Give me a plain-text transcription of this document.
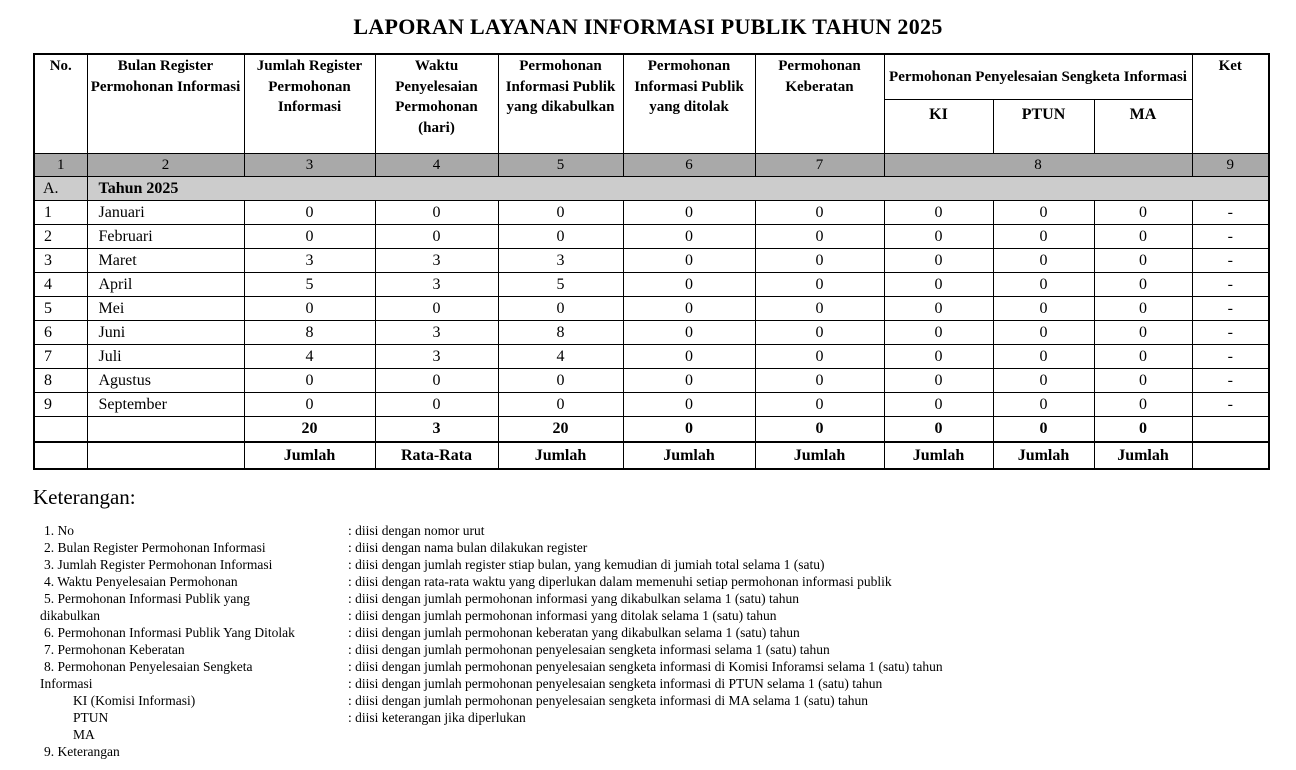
LAPORAN LAYANAN INFORMASI PUBLIK TAHUN 2025
No.	Bulan Register Permohonan Informasi	Jumlah Register Permohonan Informasi	Waktu Penyelesaian Permohonan (hari)	Permohonan Informasi Publik yang dikabulkan	Permohonan Informasi Publik yang ditolak	Permohonan Keberatan	Permohonan Penyelesaian Sengketa Informasi			Ket
							KI	PTUN	MA	
1	2	3	4	5	6	7	8			9
A.	Tahun 2025									
1	Januari	0	0	0	0	0	0	0	0	-
2	Februari	0	0	0	0	0	0	0	0	-
3	Maret	3	3	3	0	0	0	0	0	-
4	April	5	3	5	0	0	0	0	0	-
5	Mei	0	0	0	0	0	0	0	0	-
6	Juni	8	3	8	0	0	0	0	0	-
7	Juli	4	3	4	0	0	0	0	0	-
8	Agustus	0	0	0	0	0	0	0	0	-
9	September	0	0	0	0	0	0	0	0	-
		20	3	20	0	0	0	0	0	
		Jumlah	Rata-Rata	Jumlah	Jumlah	Jumlah	Jumlah	Jumlah	Jumlah	
Keterangan:
1. No	: diisi dengan nomor urut
2. Bulan Register Permohonan Informasi	: diisi dengan nama bulan dilakukan register
3. Jumlah Register Permohonan Informasi	: diisi dengan jumlah register stiap bulan, yang kemudian di jumiah total selama 1 (satu)
4. Waktu Penyelesaian Permohonan	: diisi dengan rata-rata waktu yang diperlukan dalam memenuhi setiap permohonan informasi publik
5. Permohonan Informasi Publik yang	: diisi dengan jumlah permohonan informasi yang dikabulkan selama 1 (satu) tahun
dikabulkan	: diisi dengan jumlah permohonan informasi yang ditolak selama 1 (satu) tahun
6. Permohonan Informasi Publik Yang Ditolak	: diisi dengan jumlah permohonan keberatan yang dikabulkan selama 1 (satu) tahun
7. Permohonan Keberatan	: diisi dengan jumlah permohonan penyelesaian sengketa informasi selama 1 (satu) tahun
8. Permohonan Penyelesaian Sengketa	: diisi dengan jumlah permohonan penyelesaian sengketa informasi di Komisi Inforamsi selama 1 (satu) tahun
Informasi	: diisi dengan jumlah permohonan penyelesaian sengketa informasi di PTUN selama 1 (satu) tahun
KI (Komisi Informasi)	: diisi dengan jumlah permohonan penyelesaian sengketa informasi di MA selama 1 (satu) tahun
PTUN	: diisi keterangan jika diperlukan
MA
9. Keterangan
